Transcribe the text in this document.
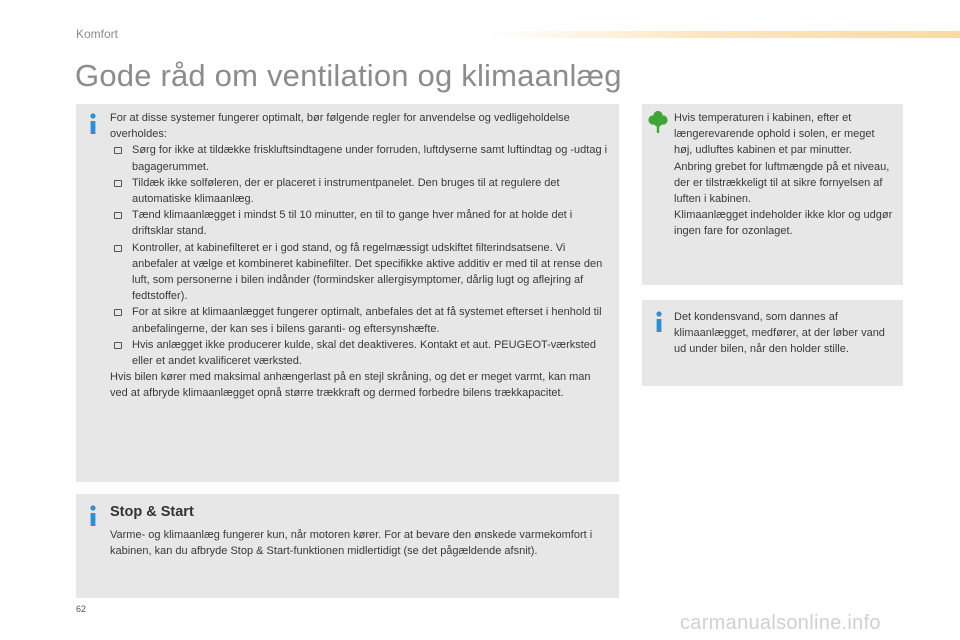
Komfort
Gode råd om ventilation og klimaanlæg

For at disse systemer fungerer optimalt, bør følgende regler for anvendelse og vedligeholdelse overholdes:

Sørg for ikke at tildække friskluftsindtagene under forruden, luftdyserne samt luftindtag og -udtag i bagagerummet.
Tildæk ikke solføleren, der er placeret i instrumentpanelet. Den bruges til at regulere det automatiske klimaanlæg.
Tænd klimaanlægget i mindst 5 til 10 minutter, en til to gange hver måned for at holde det i driftsklar stand.
Kontroller, at kabinefilteret er i god stand, og få regelmæssigt udskiftet filterindsatsene. Vi anbefaler at vælge et kombineret kabinefilter. Det specifikke aktive additiv er med til at rense den luft, som personerne i bilen indånder (formindsker allergisymptomer, dårlig lugt og aflejring af fedtstoffer).
For at sikre at klimaanlægget fungerer optimalt, anbefales det at få systemet efterset i henhold til anbefalingerne, der kan ses i bilens garanti- og eftersynshæfte.
Hvis anlægget ikke producerer kulde, skal det deaktiveres. Kontakt et aut. PEUGEOT-værksted eller et andet kvalificeret værksted.

Hvis bilen kører med maksimal anhængerlast på en stejl skråning, og det er meget varmt, kan man ved at afbryde klimaanlægget opnå større trækkraft og dermed forbedre bilens trækkapacitet.

Stop & Start

Varme- og klimaanlæg fungerer kun, når motoren kører. For at bevare den ønskede varmekomfort i kabinen, kan du afbryde Stop & Start-funktionen midlertidigt (se det pågældende afsnit).

Hvis temperaturen i kabinen, efter et længerevarende ophold i solen, er meget høj, udluftes kabinen et par minutter.

Anbring grebet for luftmængde på et niveau, der er tilstrækkeligt til at sikre fornyelsen af luften i kabinen.

Klimaanlægget indeholder ikke klor og udgør ingen fare for ozonlaget.

Det kondensvand, som dannes af klimaanlægget, medfører, at der løber vand ud under bilen, når den holder stille.

62
carmanualsonline.info
